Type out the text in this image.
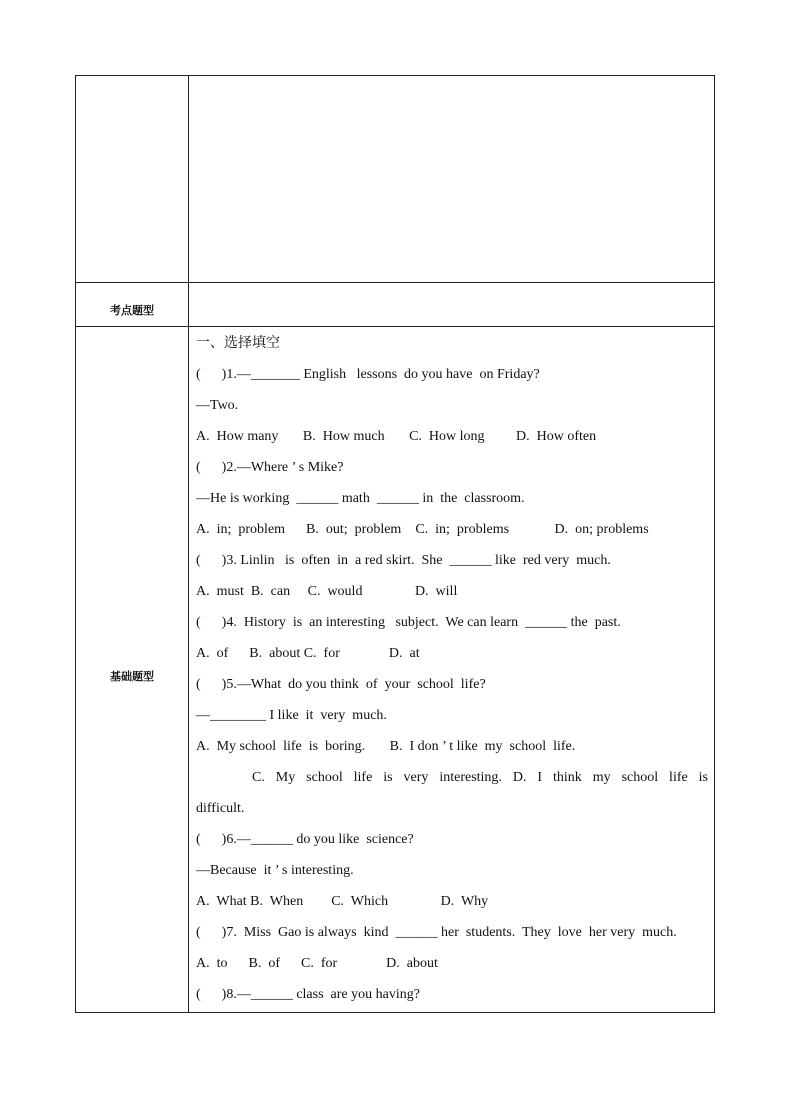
考点题型
基础题型
一、选择填空
(      )1.—_______ English   lessons  do you have  on Friday?
—Two.
A.  How many       B.  How much       C.  How long         D.  How often
(      )2.—Where ’ s Mike?
—He is working  ______ math  ______ in  the  classroom.
A.  in;  problem      B.  out;  problem    C.  in;  problems             D.  on; problems
(      )3. Linlin   is  often  in  a red skirt.  She  ______ like  red very  much.
A.  must  B.  can     C.  would               D.  will
(      )4.  History  is  an interesting   subject.  We can learn  ______ the  past.
A.  of      B.  about C.  for              D.  at
(      )5.—What  do you think  of  your  school  life?
—________ I like  it  very  much.
A.  My school  life  is  boring.       B.  I don ’ t like  my  school  life.
C. My school life is very interesting. D. I think my school life is
difficult.
(      )6.—______ do you like  science?
—Because  it ’ s interesting.
A.  What B.  When        C.  Which               D.  Why
(      )7.  Miss  Gao is always  kind  ______ her  students.  They  love  her very  much.
A.  to      B.  of      C.  for              D.  about
(      )8.—______ class  are you having?
